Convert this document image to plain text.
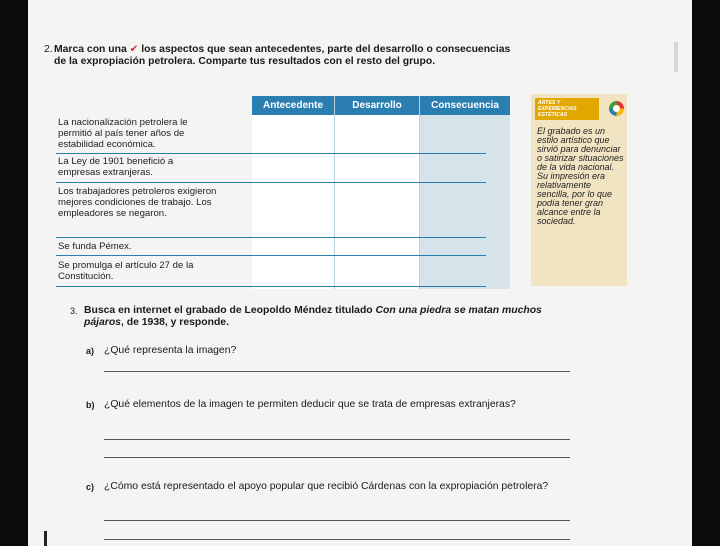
2. Marca con una ✔ los aspectos que sean antecedentes, parte del desarrollo o consecuencias de la expropiación petrolera. Comparte tus resultados con el resto del grupo.
Antecedente	Desarrollo	Consecuencia
La nacionalización petrolera le permitió al país tener años de estabilidad económica.
La Ley de 1901 benefició a empresas extranjeras.
Los trabajadores petroleros exigieron mejores condiciones de trabajo. Los empleadores se negaron.
Se funda Pémex.
Se promulga el artículo 27 de la Constitución.
ARTES Y EXPERIENCIAS ESTÉTICAS
El grabado es un estilo artístico que sirvió para denunciar o satirizar situaciones de la vida nacional. Su impresión era relativamente sencilla, por lo que podía tener gran alcance entre la sociedad.
3. Busca en internet el grabado de Leopoldo Méndez titulado Con una piedra se matan muchos pájaros, de 1938, y responde.
a) ¿Qué representa la imagen?
b) ¿Qué elementos de la imagen te permiten deducir que se trata de empresas extranjeras?
c) ¿Cómo está representado el apoyo popular que recibió Cárdenas con la expropiación petrolera?
